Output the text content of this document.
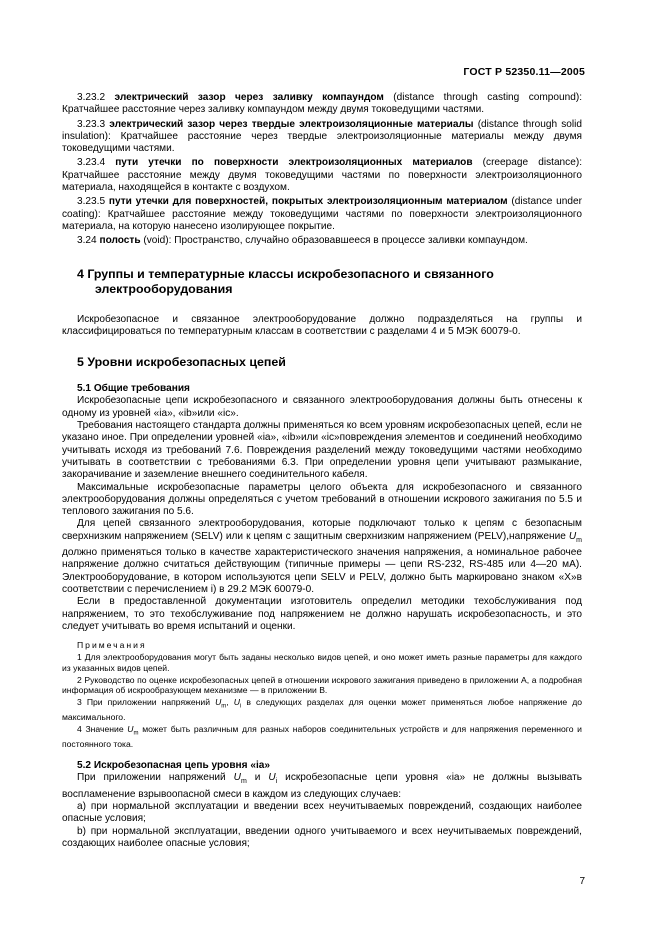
ГОСТ Р 52350.11—2005

3.23.2 электрический зазор через заливку компаундом (distance through casting compound): Кратчайшее расстояние через заливку компаундом между двумя токоведущими частями.

3.23.3 электрический зазор через твердые электроизоляционные материалы (distance through solid insulation): Кратчайшее расстояние через твердые электроизоляционные материалы между двумя токоведущими частями.

3.23.4 пути утечки по поверхности электроизоляционных материалов (creepage distance): Кратчайшее расстояние между двумя токоведущими частями по поверхности электроизоляционного материала, находящейся в контакте с воздухом.

3.23.5 пути утечки для поверхностей, покрытых электроизоляционным материалом (distance under coating): Кратчайшее расстояние между токоведущими частями по поверхности электроизоляционного материала, на которую нанесено изолирующее покрытие.

3.24 полость (void): Пространство, случайно образовавшееся в процессе заливки компаундом.

4 Группы и температурные классы искробезопасного и связанного
электрооборудования

Искробезопасное и связанное электрооборудование должно подразделяться на группы и классифицироваться по температурным классам в соответствии с разделами 4 и 5 МЭК 60079-0.

5 Уровни искробезопасных цепей
5.1 Общие требования

Искробезопасные цепи искробезопасного и связанного электрооборудования должны быть отнесены к одному из уровней «ia», «ib»или «ic».

Требования настоящего стандарта должны применяться ко всем уровням искробезопасных цепей, если не указано иное. При определении уровней «ia», «ib»или «ic»повреждения элементов и соединений необходимо учитывать исходя из требований 7.6. Повреждения разделений между токоведущими частями необходимо учитывать в соответствии с требованиями 6.3. При определении уровня цепи учитывают размыкание, закорачивание и заземление внешнего соединительного кабеля.

Максимальные искробезопасные параметры целого объекта для искробезопасного и связанного электрооборудования должны определяться с учетом требований в отношении искрового зажигания по 5.5 и теплового зажигания по 5.6.

Для цепей связанного электрооборудования, которые подключают только к цепям с безопасным сверхнизким напряжением (SELV) или к цепям с защитным сверхнизким напряжением (PELV),напряжение $U_m$ должно применяться только в качестве характеристического значения напряжения, а номинальное рабочее напряжение должно считаться действующим (типичные примеры — цепи RS-232, RS-485 или 4—20 мА). Электрооборудование, в котором используются цепи SELV и PELV, должно быть маркировано знаком «X»в соответствии с перечислением i) в 29.2 МЭК 60079-0.

Если в предоставленной документации изготовитель определил методики техобслуживания под напряжением, то это техобслуживание под напряжением не должно нарушать искробезопасность, и это следует учитывать во время испытаний и оценки.

Примечания

1 Для электрооборудования могут быть заданы несколько видов цепей, и оно может иметь разные параметры для каждого из указанных видов цепей.

2 Руководство по оценке искробезопасных цепей в отношении искрового зажигания приведено в приложении А, а подробная информация об искрообразующем механизме — в приложении В.

3 При приложении напряжений $U_m$, $U_i$ в следующих разделах для оценки может применяться любое напряжение до максимального.

4 Значение $U_m$ может быть различным для разных наборов соединительных устройств и для напряжения переменного и постоянного тока.

5.2 Искробезопасная цепь уровня «ia»

При приложении напряжений $U_m$ и $U_i$ искробезопасные цепи уровня «ia» не должны вызывать воспламенение взрывоопасной смеси в каждом из следующих случаев:

а) при нормальной эксплуатации и введении всех неучитываемых повреждений, создающих наиболее опасные условия;

b) при нормальной эксплуатации, введении одного учитываемого и всех неучитываемых повреждений, создающих наиболее опасные условия;

7
